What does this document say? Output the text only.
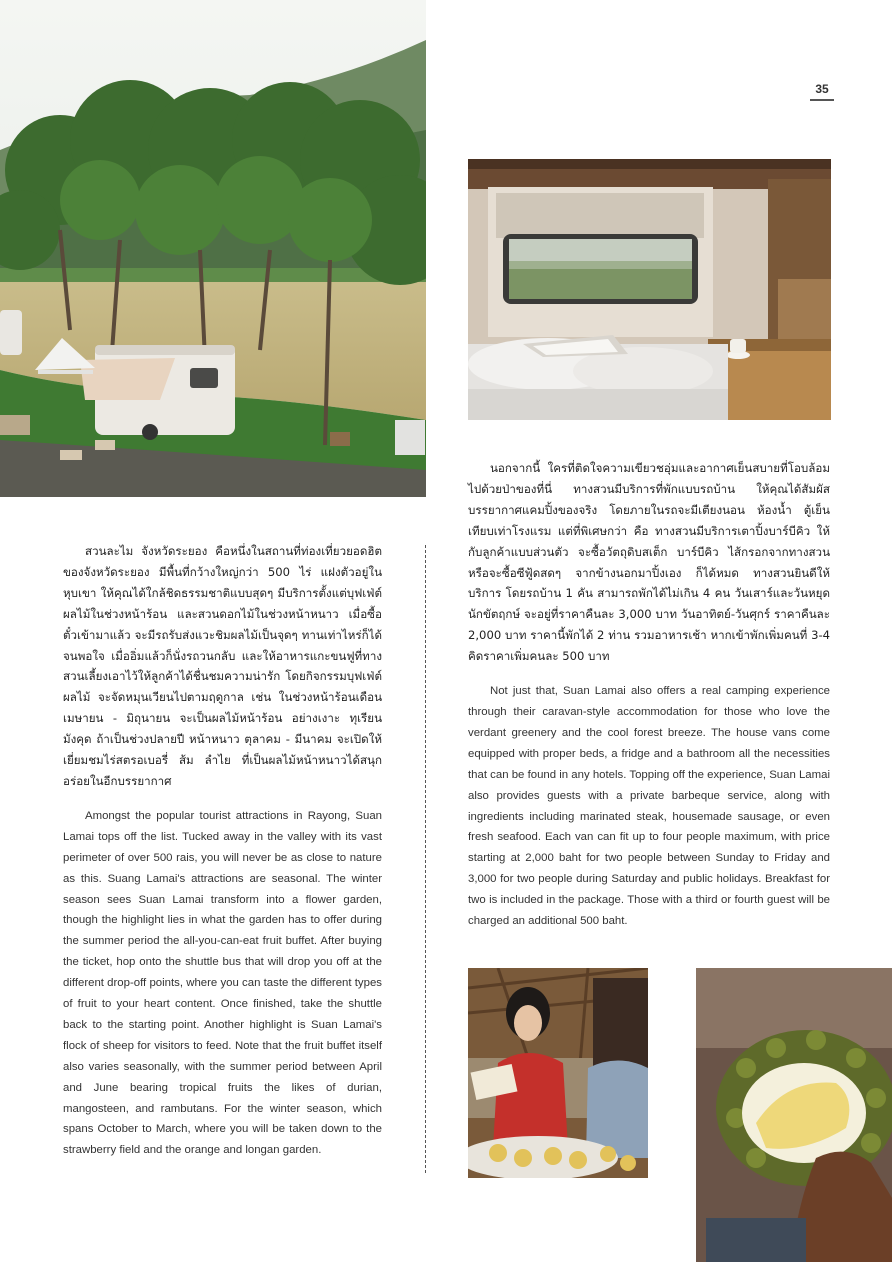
35

สวนละไม จังหวัดระยอง คือหนึ่งในสถานที่ท่องเที่ยวยอดฮิตของจังหวัดระยอง มีพื้นที่กว้างใหญ่กว่า 500 ไร่ แฝงตัวอยู่ในหุบเขา ให้คุณได้ใกล้ชิดธรรมชาติแบบสุดๆ มีบริการตั้งแต่บุฟเฟ่ต์ผลไม้ในช่วงหน้าร้อน และสวนดอกไม้ในช่วงหน้าหนาว เมื่อซื้อตั๋วเข้ามาแล้ว จะมีรถรับส่งแวะชิมผลไม้เป็นจุดๆ ทานเท่าไหร่ก็ได้ จนพอใจ เมื่ออิ่มแล้วก็นั่งรถวนกลับ และให้อาหารแกะขนฟูที่ทางสวนเลี้ยงเอาไว้ให้ลูกค้าได้ชื่นชมความน่ารัก โดยกิจกรรมบุฟเฟ่ต์ผลไม้ จะจัดหมุนเวียนไปตามฤดูกาล เช่น ในช่วงหน้าร้อนเดือน เมษายน - มิถุนายน จะเป็นผลไม้หน้าร้อน อย่างเงาะ ทุเรียน มังคุด ถ้าเป็นช่วงปลายปี หน้าหนาว ตุลาคม - มีนาคม จะเปิดให้เยี่ยมชมไร่สตรอเบอรี่ ส้ม ลำไย ที่เป็นผลไม้หน้าหนาวได้สนุกอร่อยในอีกบรรยากาศ

Amongst the popular tourist attractions in Rayong, Suan Lamai tops off the list. Tucked away in the valley with its vast perimeter of over 500 rais, you will never be as close to nature as this. Suang Lamai's attractions are seasonal. The winter season sees Suan Lamai transform into a flower garden, though the highlight lies in what the garden has to offer during the summer period the all-you-can-eat fruit buffet. After buying the ticket, hop onto the shuttle bus that will drop you off at the different drop-off points, where you can taste the different types of fruit to your heart content. Once finished, take the shuttle back to the starting point. Another highlight is Suan Lamai's flock of sheep for visitors to feed. Note that the fruit buffet itself also varies seasonally, with the summer period between April and June bearing tropical fruits the likes of durian, mangosteen, and rambutans. For the winter season, which spans October to March, where you will be taken down to the strawberry field and the orange and longan garden.

นอกจากนี้ ใครที่ติดใจความเขียวชอุ่มและอากาศเย็นสบายที่โอบล้อมไปด้วยป่าของที่นี่ ทางสวนมีบริการที่พักแบบรถบ้าน ให้คุณได้สัมผัสบรรยากาศแคมปิ้งของจริง โดยภายในรถจะมีเตียงนอน ห้องน้ำ ตู้เย็น เทียบเท่าโรงแรม แต่ที่พิเศษกว่า คือ ทางสวนมีบริการเตาปิ้งบาร์บีคิว ให้กับลูกค้าแบบส่วนตัว จะซื้อวัตถุดิบสเต็ก บาร์บีคิว ไส้กรอกจากทางสวน หรือจะซื้อซีฟู้ดสดๆ จากข้างนอกมาปิ้งเอง ก็ได้หมด ทางสวนยินดีให้บริการ โดยรถบ้าน 1 คัน สามารถพักได้ไม่เกิน 4 คน วันเสาร์และวันหยุดนักขัตฤกษ์ จะอยู่ที่ราคาคืนละ 3,000 บาท วันอาทิตย์-วันศุกร์ ราคาคืนละ 2,000 บาท ราคานี้พักได้ 2 ท่าน รวมอาหารเช้า หากเข้าพักเพิ่มคนที่ 3-4 คิดราคาเพิ่มคนละ 500 บาท

Not just that, Suan Lamai also offers a real camping experience through their caravan-style accommodation for those who love the verdant greenery and the cool forest breeze. The house vans come equipped with proper beds, a fridge and a bathroom all the necessities that can be found in any hotels. Topping off the experience, Suan Lamai also provides guests with a private barbeque service, along with ingredients including marinated steak, housemade sausage, or even fresh seafood. Each van can fit up to four people maximum, with price starting at 2,000 baht for two people between Sunday to Friday and 3,000 for two people during Saturday and public holidays. Breakfast for two is included in the package. Those with a third or fourth guest will be charged an additional 500 baht.
